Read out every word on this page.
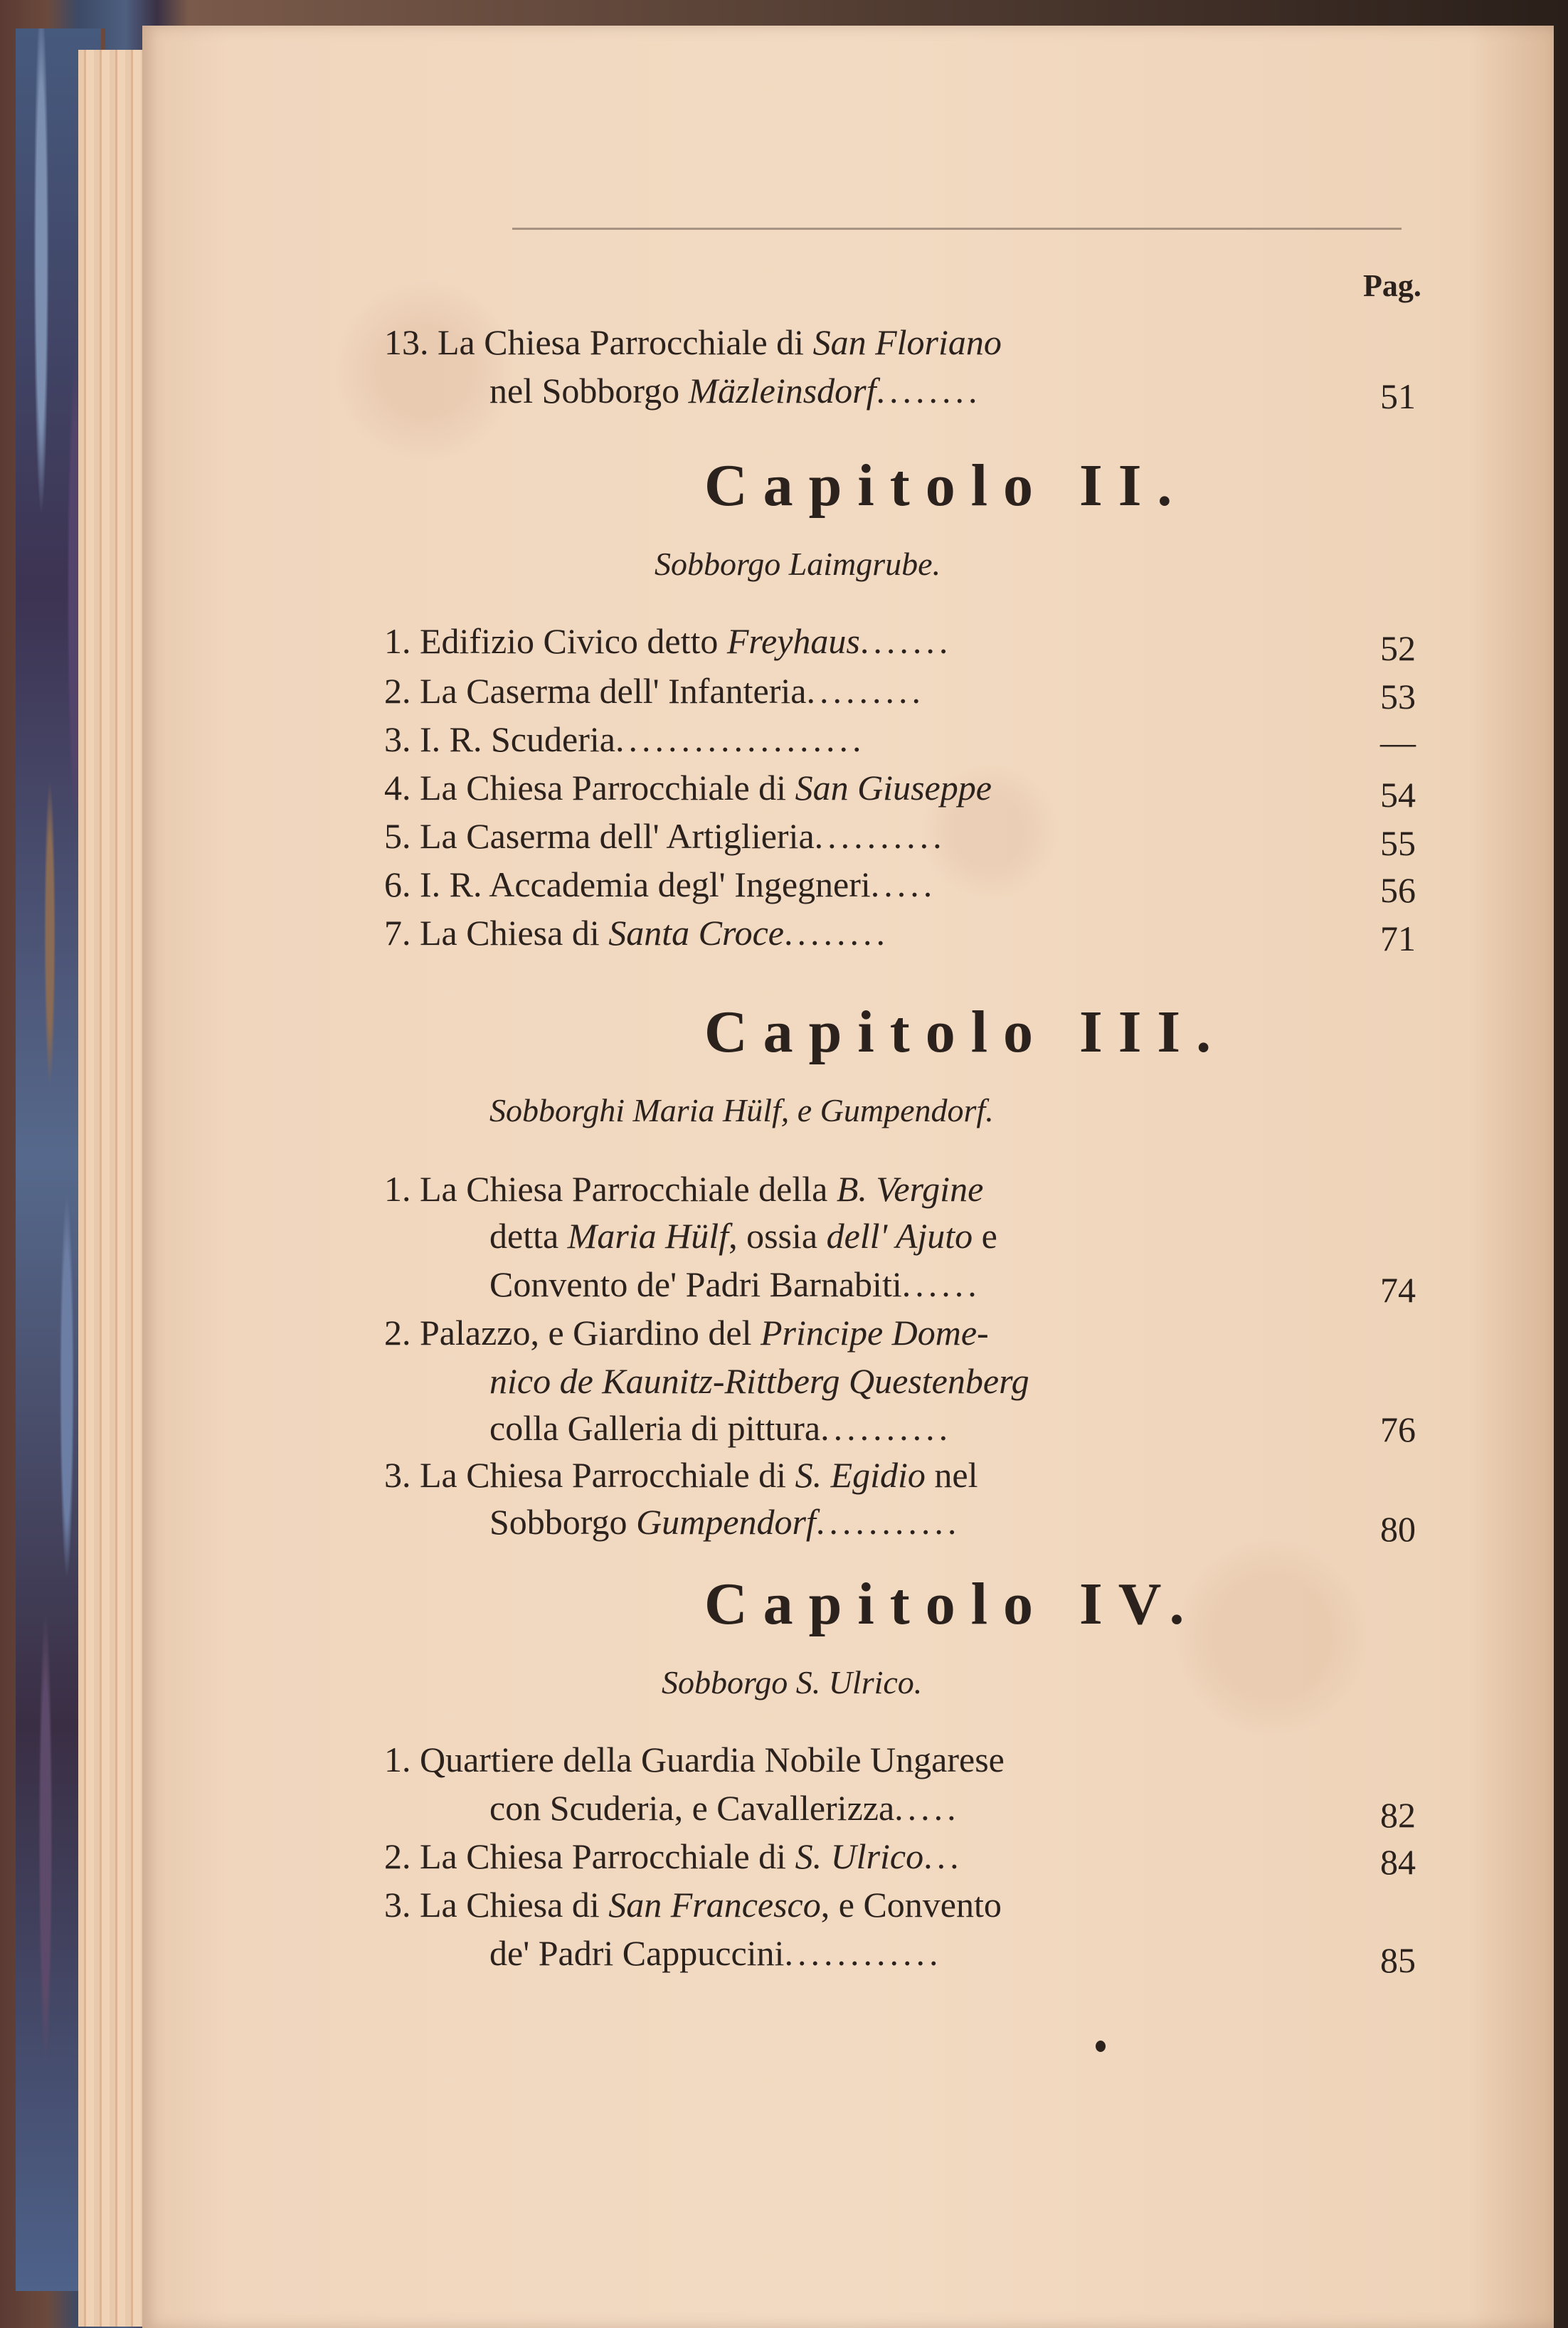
Pag.
13. La Chiesa Parrocchiale di San Floriano
nel Sobborgo Mäzleinsdorf........	51
Capitolo II.
Sobborgo Laimgrube.
1. Edifizio Civico detto Freyhaus.......	52
2. La Caserma dell' Infanteria.........	53
3. I. R. Scuderia...................	—
4. La Chiesa Parrocchiale di San Giuseppe	54
5. La Caserma dell' Artiglieria..........	55
6. I. R. Accademia degl' Ingegneri.....	56
7. La Chiesa di Santa Croce........	71
Capitolo III.
Sobborghi Maria Hülf, e Gumpendorf.
1. La Chiesa Parrocchiale della B. Vergine
detta Maria Hülf, ossia dell' Ajuto e
Convento de' Padri Barnabiti......	74
2. Palazzo, e Giardino del Principe Dome-
nico de Kaunitz-Rittberg Questenberg
colla Galleria di pittura..........	76
3. La Chiesa Parrocchiale di S. Egidio nel
Sobborgo Gumpendorf...........	80
Capitolo IV.
Sobborgo S. Ulrico.
1. Quartiere della Guardia Nobile Ungarese
con Scuderia, e Cavallerizza.....	82
2. La Chiesa Parrocchiale di S. Ulrico...	84
3. La Chiesa di San Francesco, e Convento
de' Padri Cappuccini............	85
